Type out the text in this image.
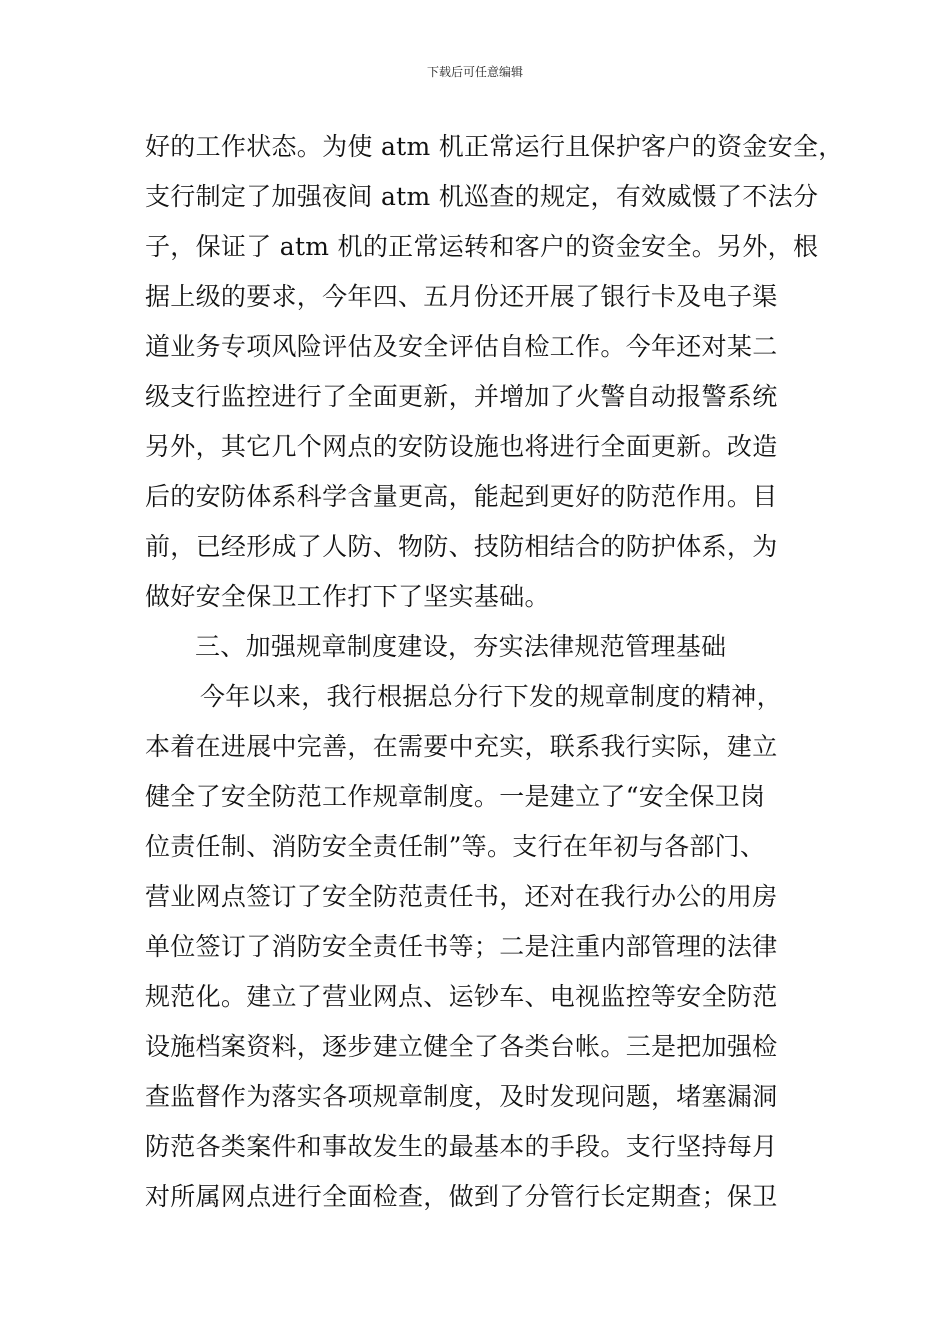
下载后可任意编辑
好的工作状态。为使 atm 机正常运行且保护客户的资金安全，
支行制定了加强夜间 atm 机巡查的规定，有效威慑了不法分
子，保证了 atm 机的正常运转和客户的资金安全。另外，根
据上级的要求，今年四、五月份还开展了银行卡及电子渠
道业务专项风险评估及安全评估自检工作。今年还对某二
级支行监控进行了全面更新，并增加了火警自动报警系统
另外，其它几个网点的安防设施也将进行全面更新。改造
后的安防体系科学含量更高，能起到更好的防范作用。目
前，已经形成了人防、物防、技防相结合的防护体系，为
做好安全保卫工作打下了坚实基础。
三、加强规章制度建设，夯实法律规范管理基础
今年以来，我行根据总分行下发的规章制度的精神，
本着在进展中完善，在需要中充实，联系我行实际，建立
健全了安全防范工作规章制度。一是建立了“安全保卫岗
位责任制、消防安全责任制”等。支行在年初与各部门、
营业网点签订了安全防范责任书，还对在我行办公的用房
单位签订了消防安全责任书等；二是注重内部管理的法律
规范化。建立了营业网点、运钞车、电视监控等安全防范
设施档案资料，逐步建立健全了各类台帐。三是把加强检
查监督作为落实各项规章制度，及时发现问题，堵塞漏洞
防范各类案件和事故发生的最基本的手段。支行坚持每月
对所属网点进行全面检查，做到了分管行长定期查；保卫
